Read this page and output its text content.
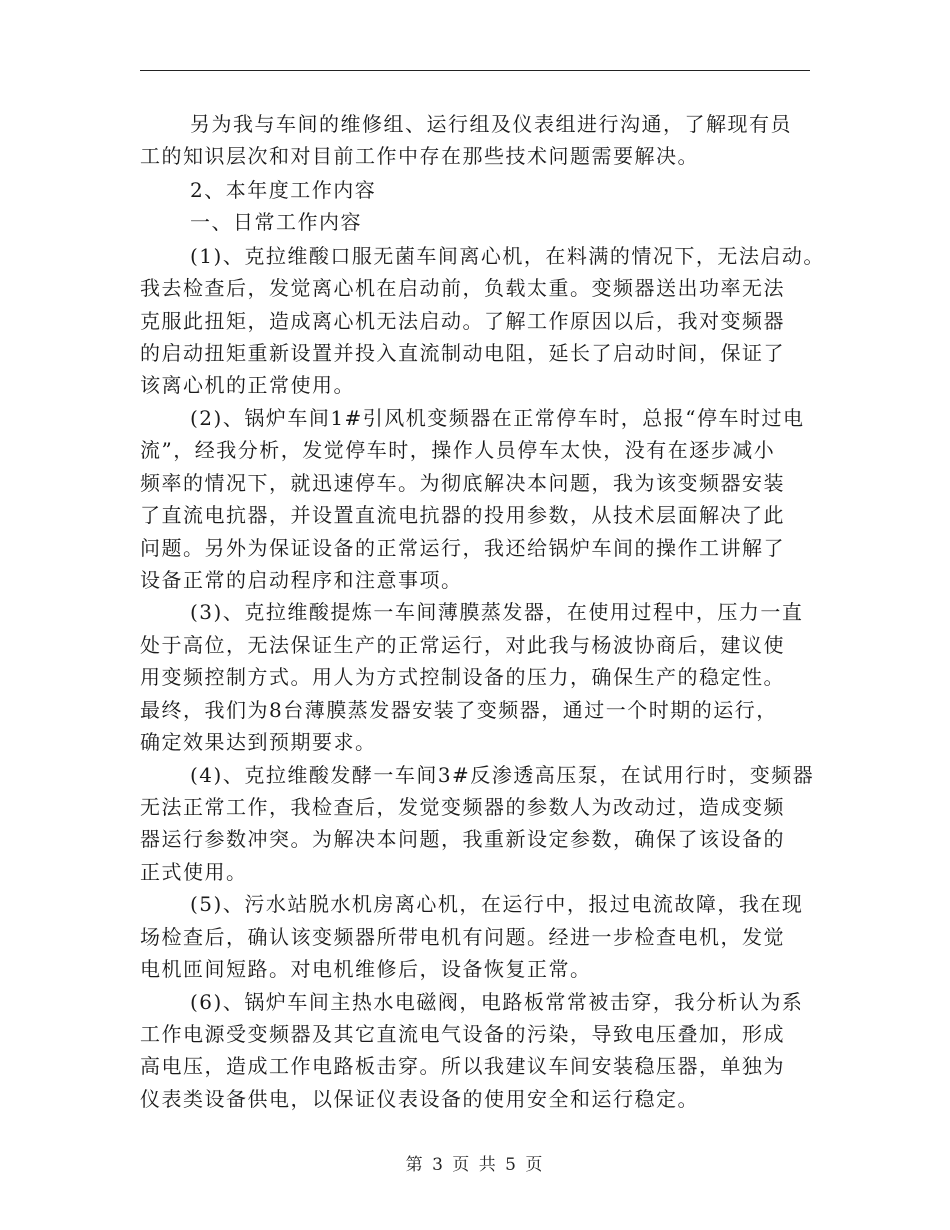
另为我与车间的维修组、运行组及仪表组进行沟通，了解现有员
工的知识层次和对目前工作中存在那些技术问题需要解决。
2、本年度工作内容
一、日常工作内容
(1)、克拉维酸口服无菌车间离心机，在料满的情况下，无法启动。
我去检查后，发觉离心机在启动前，负载太重。变频器送出功率无法
克服此扭矩，造成离心机无法启动。了解工作原因以后，我对变频器
的启动扭矩重新设置并投入直流制动电阻，延长了启动时间，保证了
该离心机的正常使用。
(2)、锅炉车间1#引风机变频器在正常停车时，总报“停车时过电
流”，经我分析，发觉停车时，操作人员停车太快，没有在逐步减小
频率的情况下，就迅速停车。为彻底解决本问题，我为该变频器安装
了直流电抗器，并设置直流电抗器的投用参数，从技术层面解决了此
问题。另外为保证设备的正常运行，我还给锅炉车间的操作工讲解了
设备正常的启动程序和注意事项。
(3)、克拉维酸提炼一车间薄膜蒸发器，在使用过程中，压力一直
处于高位，无法保证生产的正常运行，对此我与杨波协商后，建议使
用变频控制方式。用人为方式控制设备的压力，确保生产的稳定性。
最终，我们为8台薄膜蒸发器安装了变频器，通过一个时期的运行，
确定效果达到预期要求。
(4)、克拉维酸发酵一车间3#反渗透高压泵，在试用行时，变频器
无法正常工作，我检查后，发觉变频器的参数人为改动过，造成变频
器运行参数冲突。为解决本问题，我重新设定参数，确保了该设备的
正式使用。
(5)、污水站脱水机房离心机，在运行中，报过电流故障，我在现
场检查后，确认该变频器所带电机有问题。经进一步检查电机，发觉
电机匝间短路。对电机维修后，设备恢复正常。
(6)、锅炉车间主热水电磁阀，电路板常常被击穿，我分析认为系
工作电源受变频器及其它直流电气设备的污染，导致电压叠加，形成
高电压，造成工作电路板击穿。所以我建议车间安装稳压器，单独为
仪表类设备供电，以保证仪表设备的使用安全和运行稳定。
第 3 页 共 5 页
